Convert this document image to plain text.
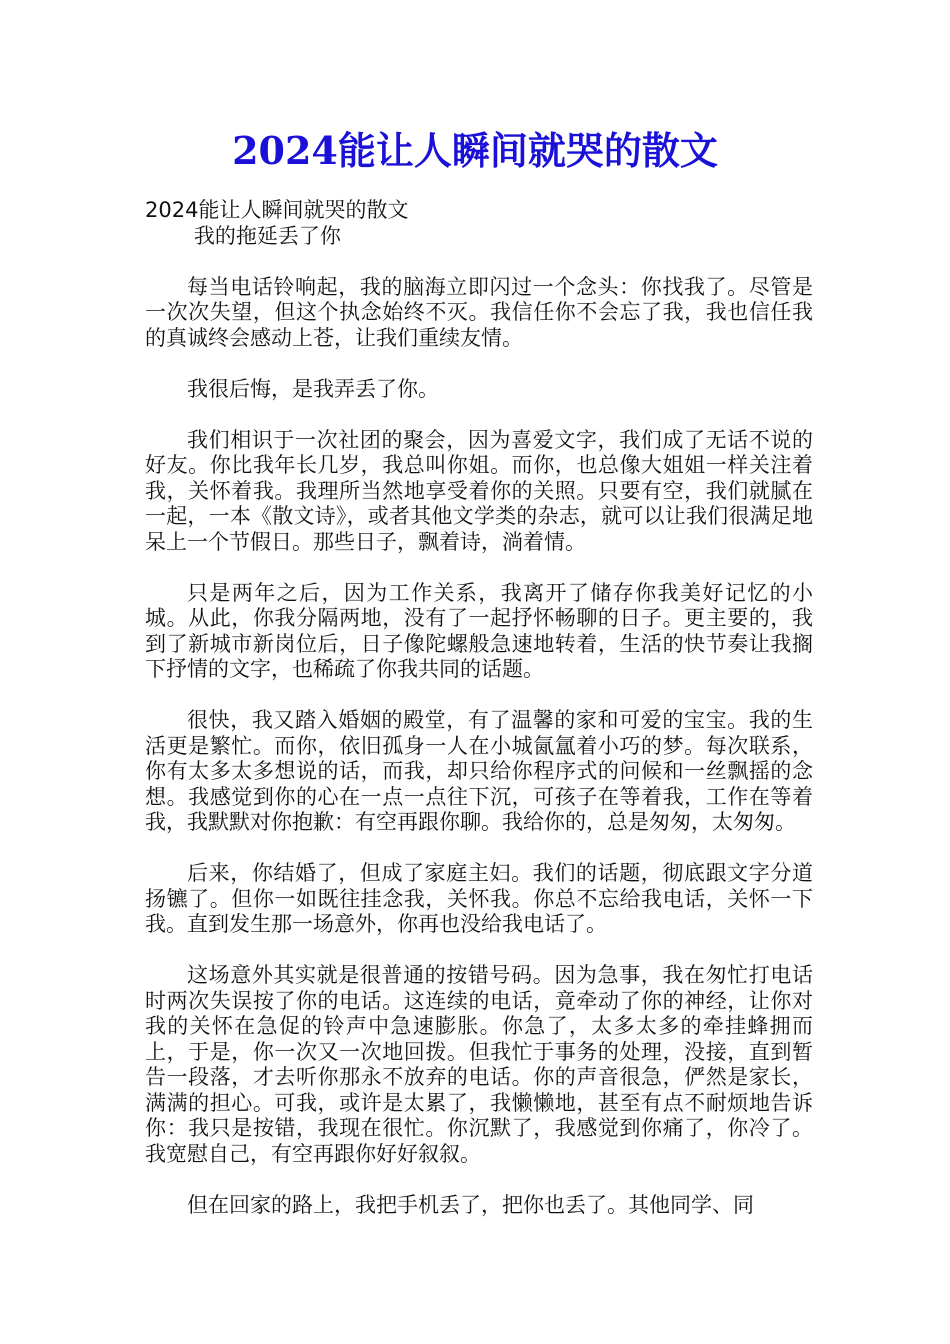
2024能让人瞬间就哭的散文

2024能让人瞬间就哭的散文

我的拖延丢了你

每当电话铃响起，我的脑海立即闪过一个念头：你找我了。尽管是一次次失望，但这个执念始终不灭。我信任你不会忘了我，我也信任我的真诚终会感动上苍，让我们重续友情。

我很后悔，是我弄丢了你。

我们相识于一次社团的聚会，因为喜爱文字，我们成了无话不说的好友。你比我年长几岁，我总叫你姐。而你，也总像大姐姐一样关注着我，关怀着我。我理所当然地享受着你的关照。只要有空，我们就腻在一起，一本《散文诗》，或者其他文学类的杂志，就可以让我们很满足地呆上一个节假日。那些日子，飘着诗，淌着情。

只是两年之后，因为工作关系，我离开了储存你我美好记忆的小城。从此，你我分隔两地，没有了一起抒怀畅聊的日子。更主要的，我到了新城市新岗位后，日子像陀螺般急速地转着，生活的快节奏让我搁下抒情的文字，也稀疏了你我共同的话题。

很快，我又踏入婚姻的殿堂，有了温馨的家和可爱的宝宝。我的生活更是繁忙。而你，依旧孤身一人在小城氤氲着小巧的梦。每次联系，你有太多太多想说的话，而我，却只给你程序式的问候和一丝飘摇的念想。我感觉到你的心在一点一点往下沉，可孩子在等着我，工作在等着我，我默默对你抱歉：有空再跟你聊。我给你的，总是匆匆，太匆匆。

后来，你结婚了，但成了家庭主妇。我们的话题，彻底跟文字分道扬镳了。但你一如既往挂念我，关怀我。你总不忘给我电话，关怀一下我。直到发生那一场意外，你再也没给我电话了。

这场意外其实就是很普通的按错号码。因为急事，我在匆忙打电话时两次失误按了你的电话。这连续的电话，竟牵动了你的神经，让你对我的关怀在急促的铃声中急速膨胀。你急了，太多太多的牵挂蜂拥而上，于是，你一次又一次地回拨。但我忙于事务的处理，没接，直到暂告一段落，才去听你那永不放弃的电话。你的声音很急，俨然是家长，满满的担心。可我，或许是太累了，我懒懒地，甚至有点不耐烦地告诉你：我只是按错，我现在很忙。你沉默了，我感觉到你痛了，你冷了。我宽慰自己，有空再跟你好好叙叙。

但在回家的路上，我把手机丢了，把你也丢了。其他同学、同
